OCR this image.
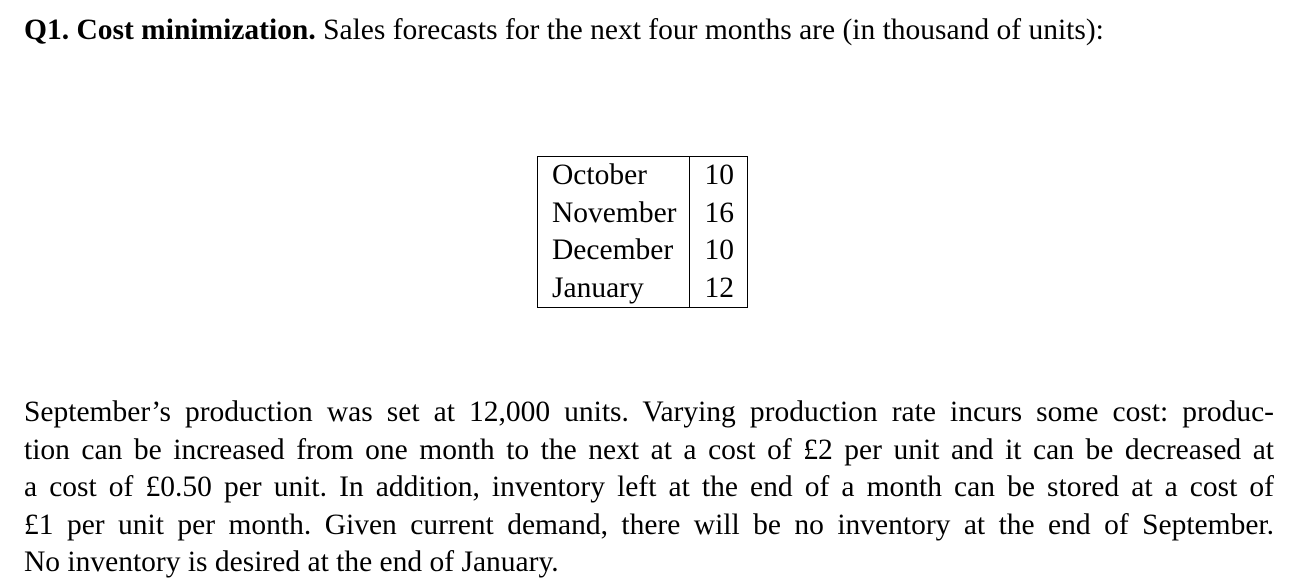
Q1. Cost minimization. Sales forecasts for the next four months are (in thousand of units):
October	10
November	16
December	10
January	12
September’s production was set at 12,000 units. Varying production rate incurs some cost: produc-
tion can be increased from one month to the next at a cost of £2 per unit and it can be decreased at
a cost of £0.50 per unit. In addition, inventory left at the end of a month can be stored at a cost of
£1 per unit per month. Given current demand, there will be no inventory at the end of September.
No inventory is desired at the end of January.
